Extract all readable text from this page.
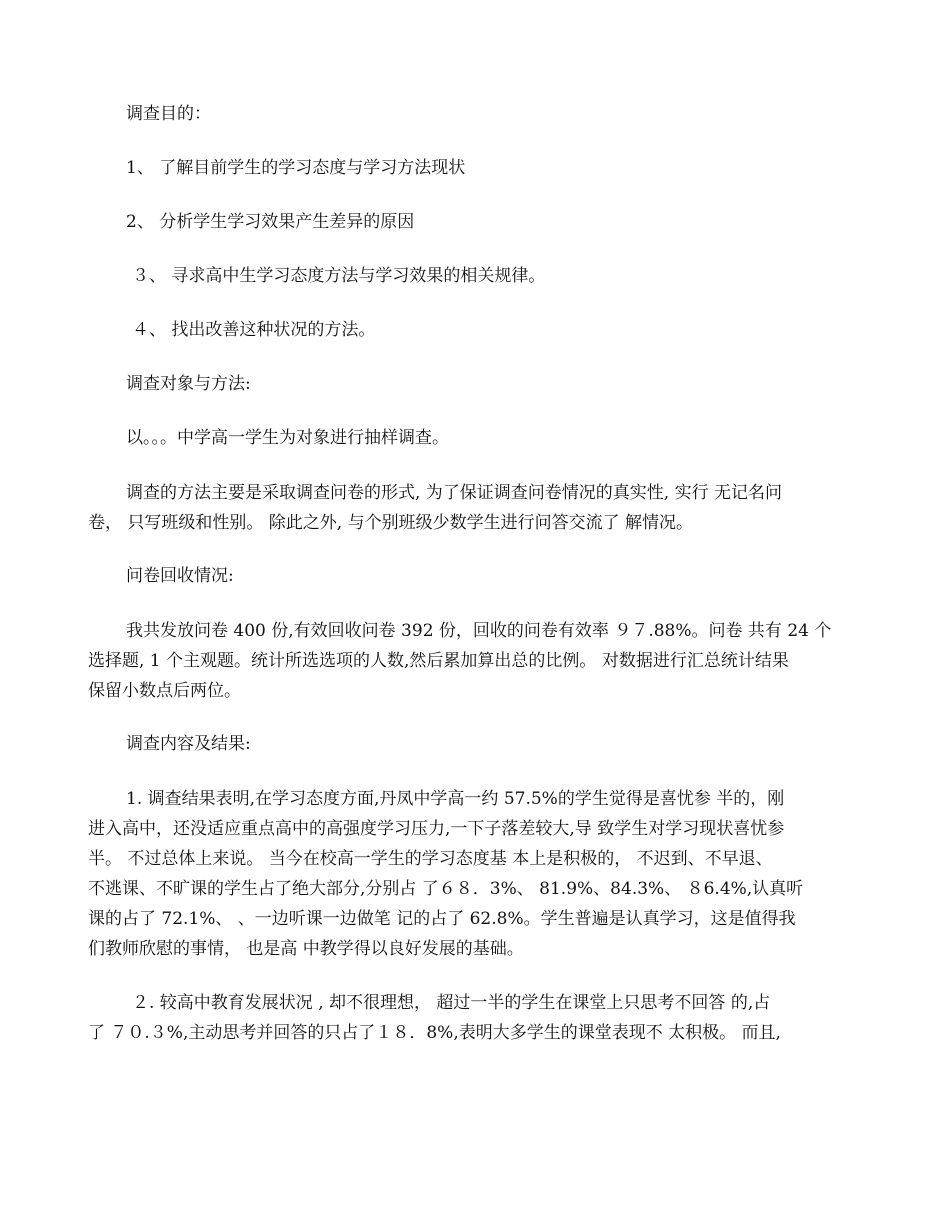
调查目的：

1、 了解目前学生的学习态度与学习方法现状

2、 分析学生学习效果产生差异的原因

３、 寻求高中生学习态度方法与学习效果的相关规律。

４、 找出改善这种状况的方法。

调查对象与方法:

以。。。中学高一学生为对象进行抽样调查。

调查的方法主要是采取调查问卷的形式, 为了保证调查问卷情况的真实性, 实行 无记名问

卷， 只写班级和性别。 除此之外, 与个别班级少数学生进行问答交流了 解情况。

问卷回收情况:

我共发放问卷 400 份,有效回收问卷 392 份，回收的问卷有效率 ９７.88%。问卷 共有 24 个

选择题, 1 个主观题。统计所选选项的人数,然后累加算出总的比例。 对数据进行汇总统计结果

保留小数点后两位。

调查内容及结果:

1. 调查结果表明,在学习态度方面,丹凤中学高一约 57.5%的学生觉得是喜忧参 半的，刚

进入高中，还没适应重点高中的高强度学习压力,一下子落差较大,导 致学生对学习现状喜忧参

半。 不过总体上来说。 当今在校高一学生的学习态度基 本上是积极的， 不迟到、不早退、

不逃课、不旷课的学生占了绝大部分,分别占 了６８．3%、 81.9%、84.3%、 ８6.4%,认真听

课的占了 72.1%、 、一边听课一边做笔 记的占了 62.8%。学生普遍是认真学习，这是值得我

们教师欣慰的事情， 也是高 中教学得以良好发展的基础。

２. 较高中教育发展状况 , 却不很理想， 超过一半的学生在课堂上只思考不回答 的,占

了 ７０.３%,主动思考并回答的只占了１８．8%,表明大多学生的课堂表现不 太积极。 而且,
